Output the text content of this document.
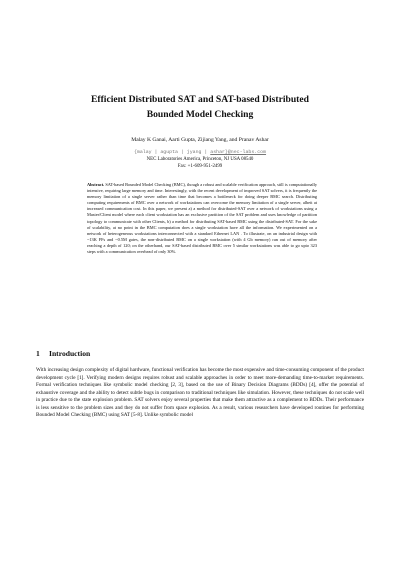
Efficient Distributed SAT and SAT-based Distributed
Bounded Model Checking
Malay K Ganai, Aarti Gupta, Zijiang Yang, and Pranav Ashar
{malay | agupta | jyang | ashar}@nec-labs.com
NEC Laboratories America, Princeton, NJ USA 08540
Fax: +1-609-951-2499
Abstract. SAT-based Bounded Model Checking (BMC), though a robust and scalable verification approach, still is computationally intensive, requiring large memory and time. Interestingly, with the recent development of improved SAT solvers, it is frequently the memory limitation of a single server rather than time that becomes a bottleneck for doing deeper BMC search. Distributing computing requirements of BMC over a network of workstations can overcome the memory limitation of a single server, albeit at increased communication cost. In this paper, we present a) a method for distributed-SAT over a network of workstations using a Master/Client model where each client workstation has an exclusive partition of the SAT problem and uses knowledge of partition topology to communicate with other Clients, b) a method for distributing SAT-based BMC using the distributed-SAT. For the sake of scalability, at no point in the BMC computation does a single workstation have all the information. We experimented on a network of heterogeneous workstations interconnected with a standard Ethernet LAN . To illustrate, on an industrial design with ~13K FFs and ~0.5M gates, the non-distributed BMC on a single workstation (with 4 Gb memory) ran out of memory after reaching a depth of 120; on the otherhand, our SAT-based distributed BMC over 5 similar workstations was able to go upto 323 steps with a communication overhead of only 30%.
1 Introduction
With increasing design complexity of digital hardware, functional verification has become the most expensive and time-consuming component of the product development cycle [1]. Verifying modern designs requires robust and scalable approaches in order to meet more-demanding time-to-market requirements. Formal verification techniques like symbolic model checking [2, 3], based on the use of Binary Decision Diagrams (BDDs) [4], offer the potential of exhaustive coverage and the ability to detect subtle bugs in comparison to traditional techniques like simulation. However, these techniques do not scale well in practice due to the state explosion problem. SAT solvers enjoy several properties that make them attractive as a complement to BDDs. Their performance is less sensitive to the problem sizes and they do not suffer from space explosion. As a result, various researchers have developed routines for performing Bounded Model Checking (BMC) using SAT [5-8]. Unlike symbolic model
